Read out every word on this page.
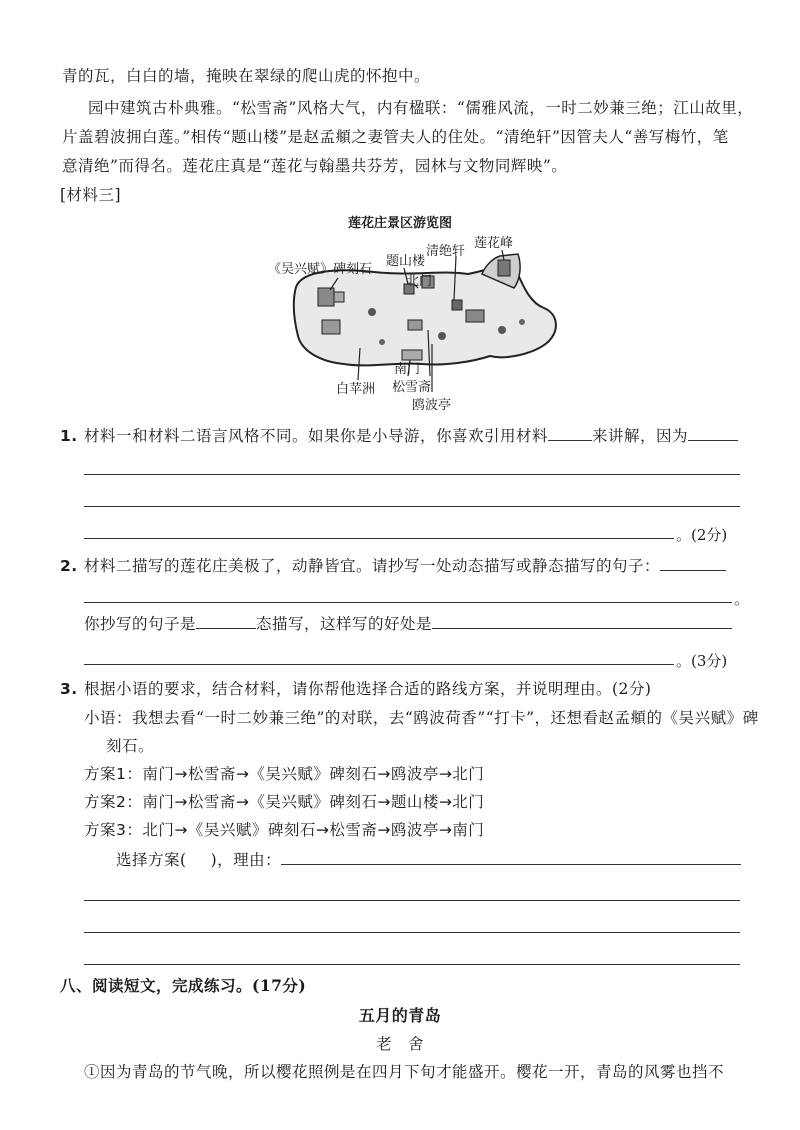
青的瓦，白白的墙，掩映在翠绿的爬山虎的怀抱中。
园中建筑古朴典雅。“松雪斋”风格大气，内有楹联：“儒雅风流，一时二妙兼三绝；江山故里，
片盖碧波拥白莲。”相传“题山楼”是赵孟頫之妻管夫人的住处。“清绝轩”因管夫人“善写梅竹，笔
意清绝”而得名。莲花庄真是“莲花与翰墨共芬芳，园林与文物同辉映”。
[材料三]
莲花庄景区游览图
《吴兴赋》碑刻石
题山楼
清绝轩
莲花峰
北门
白苹洲
南门
松雪斋
鸥波亭
1. 材料一和材料二语言风格不同。如果你是小导游，你喜欢引用材料	来讲解，因为
。(2分)
2. 材料二描写的莲花庄美极了，动静皆宜。请抄写一处动态描写或静态描写的句子：
。
你抄写的句子是	态描写，这样写的好处是
。(3分)
3. 根据小语的要求，结合材料，请你帮他选择合适的路线方案，并说明理由。(2分)
小语：我想去看“一时二妙兼三绝”的对联，去“鸥波荷香”“打卡”，还想看赵孟頫的《吴兴赋》碑
刻石。
方案1：南门→松雪斋→《吴兴赋》碑刻石→鸥波亭→北门
方案2：南门→松雪斋→《吴兴赋》碑刻石→题山楼→北门
方案3：北门→《吴兴赋》碑刻石→松雪斋→鸥波亭→南门
选择方案( )，理由：
八、阅读短文，完成练习。(17分)
五月的青岛
老　舍
①因为青岛的节气晚，所以樱花照例是在四月下旬才能盛开。樱花一开，青岛的风雾也挡不
